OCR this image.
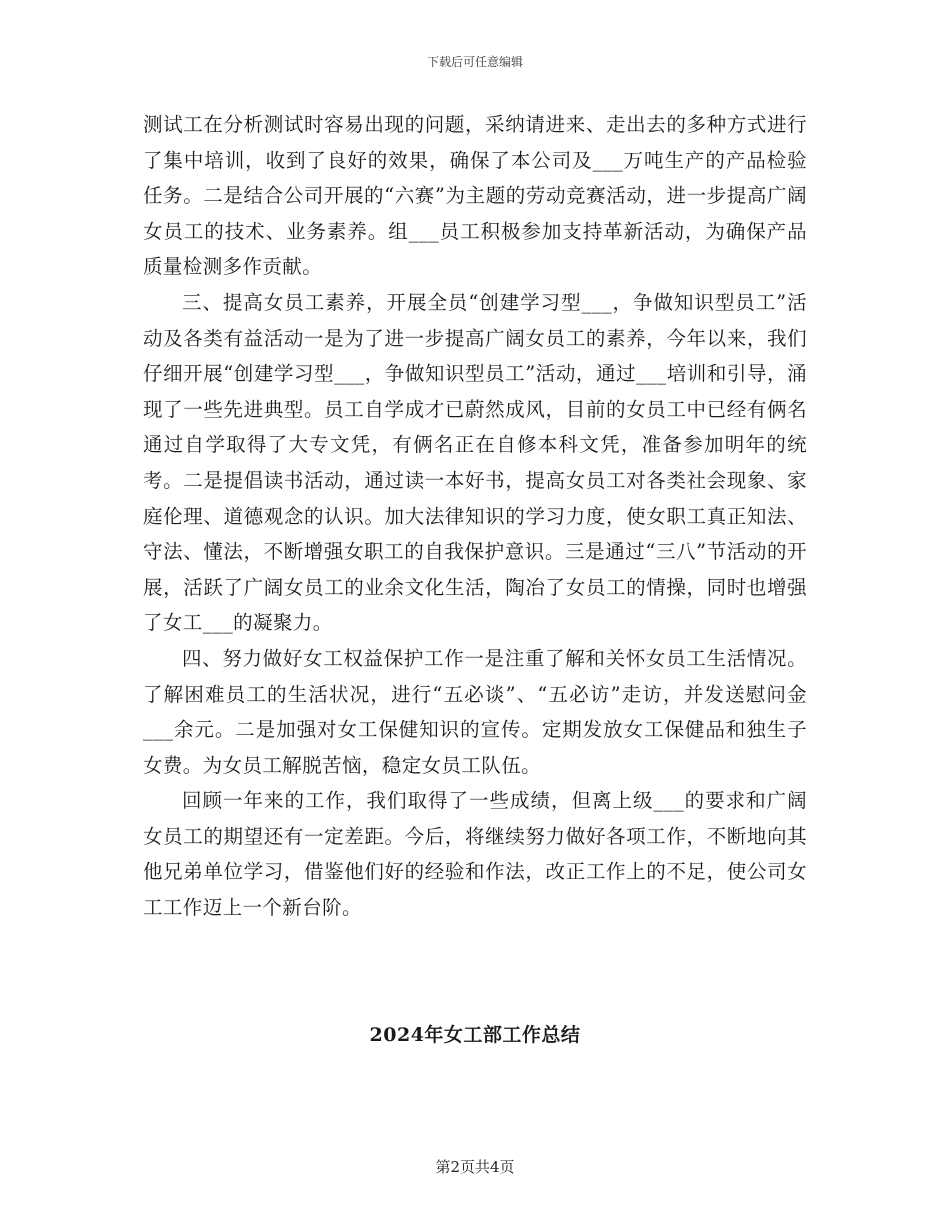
下载后可任意编辑

测试工在分析测试时容易出现的问题，采纳请进来、走出去的多种方式进行了集中培训，收到了良好的效果，确保了本公司及___万吨生产的产品检验任务。二是结合公司开展的“六赛”为主题的劳动竞赛活动，进一步提高广阔女员工的技术、业务素养。组___员工积极参加支持革新活动，为确保产品质量检测多作贡献。

三、提高女员工素养，开展全员“创建学习型___，争做知识型员工”活动及各类有益活动一是为了进一步提高广阔女员工的素养，今年以来，我们仔细开展“创建学习型___，争做知识型员工”活动，通过___培训和引导，涌现了一些先进典型。员工自学成才已蔚然成风，目前的女员工中已经有俩名通过自学取得了大专文凭，有俩名正在自修本科文凭，准备参加明年的统考。二是提倡读书活动，通过读一本好书，提高女员工对各类社会现象、家庭伦理、道德观念的认识。加大法律知识的学习力度，使女职工真正知法、守法、懂法，不断增强女职工的自我保护意识。三是通过“三八”节活动的开展，活跃了广阔女员工的业余文化生活，陶冶了女员工的情操，同时也增强了女工___的凝聚力。

四、努力做好女工权益保护工作一是注重了解和关怀女员工生活情况。了解困难员工的生活状况，进行“五必谈”、“五必访”走访，并发送慰问金___余元。二是加强对女工保健知识的宣传。定期发放女工保健品和独生子女费。为女员工解脱苦恼，稳定女员工队伍。

回顾一年来的工作，我们取得了一些成绩，但离上级___的要求和广阔女员工的期望还有一定差距。今后，将继续努力做好各项工作，不断地向其他兄弟单位学习，借鉴他们好的经验和作法，改正工作上的不足，使公司女工工作迈上一个新台阶。

2024年女工部工作总结
第2页共4页
